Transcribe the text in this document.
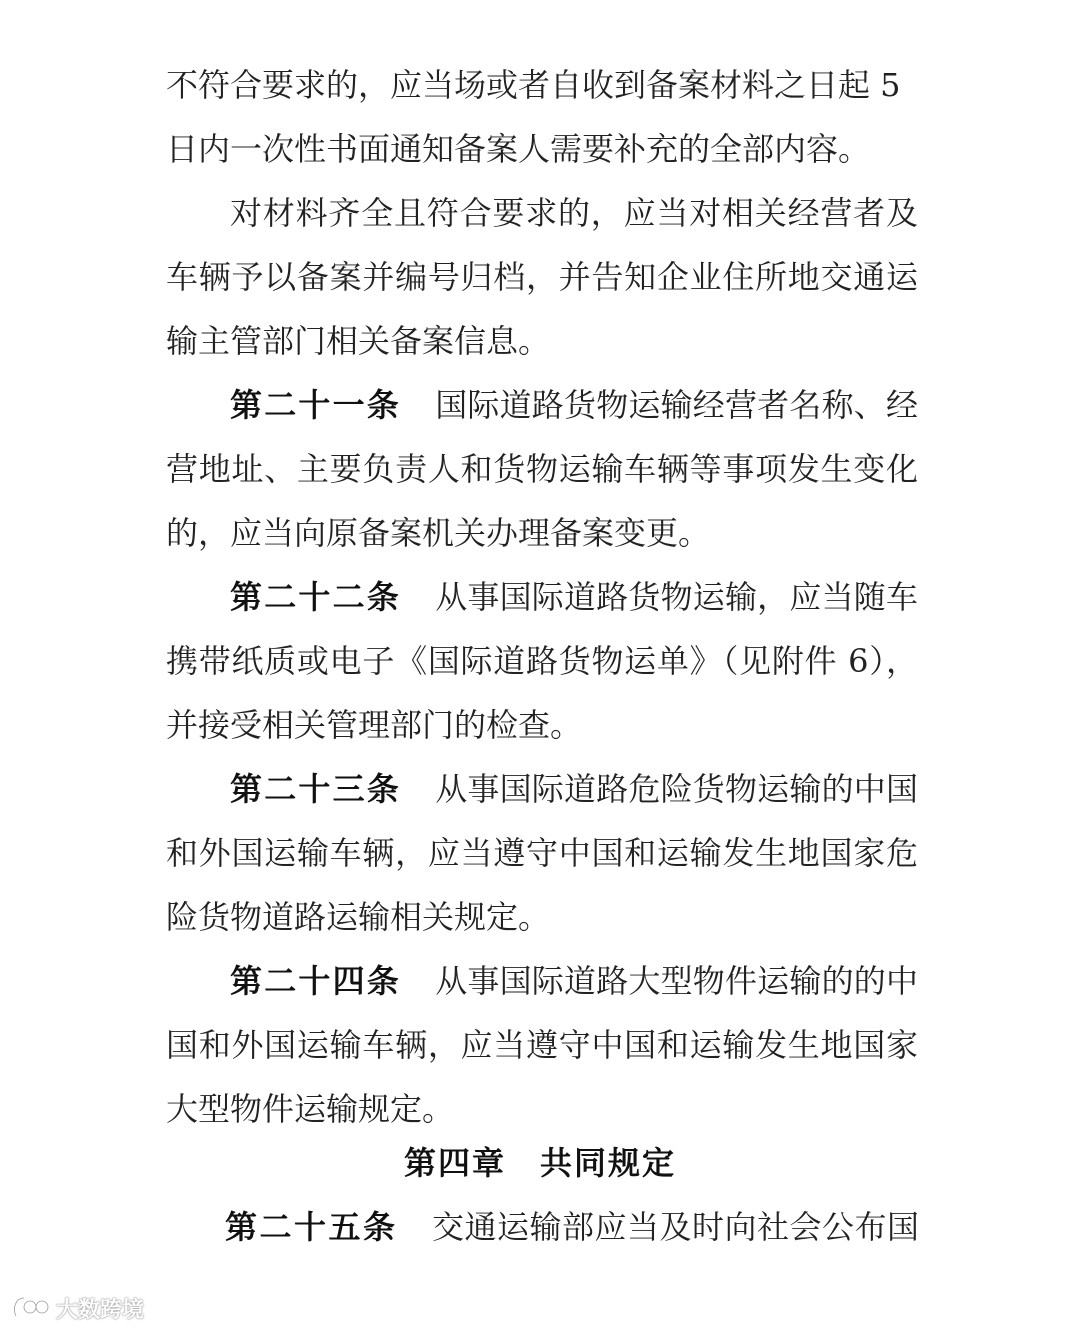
不符合要求的，应当场或者自收到备案材料之日起 5
日内一次性书面通知备案人需要补充的全部内容。
对材料齐全且符合要求的，应当对相关经营者及
车辆予以备案并编号归档，并告知企业住所地交通运
输主管部门相关备案信息。
第二十一条 国际道路货物运输经营者名称、经
营地址、主要负责人和货物运输车辆等事项发生变化
的，应当向原备案机关办理备案变更。
第二十二条 从事国际道路货物运输，应当随车
携带纸质或电子《国际道路货物运单》（见附件 6），
并接受相关管理部门的检查。
第二十三条 从事国际道路危险货物运输的中国
和外国运输车辆，应当遵守中国和运输发生地国家危
险货物道路运输相关规定。
第二十四条 从事国际道路大型物件运输的的中
国和外国运输车辆，应当遵守中国和运输发生地国家
大型物件运输规定。
第四章 共同规定
第二十五条 交通运输部应当及时向社会公布国
大数跨境
